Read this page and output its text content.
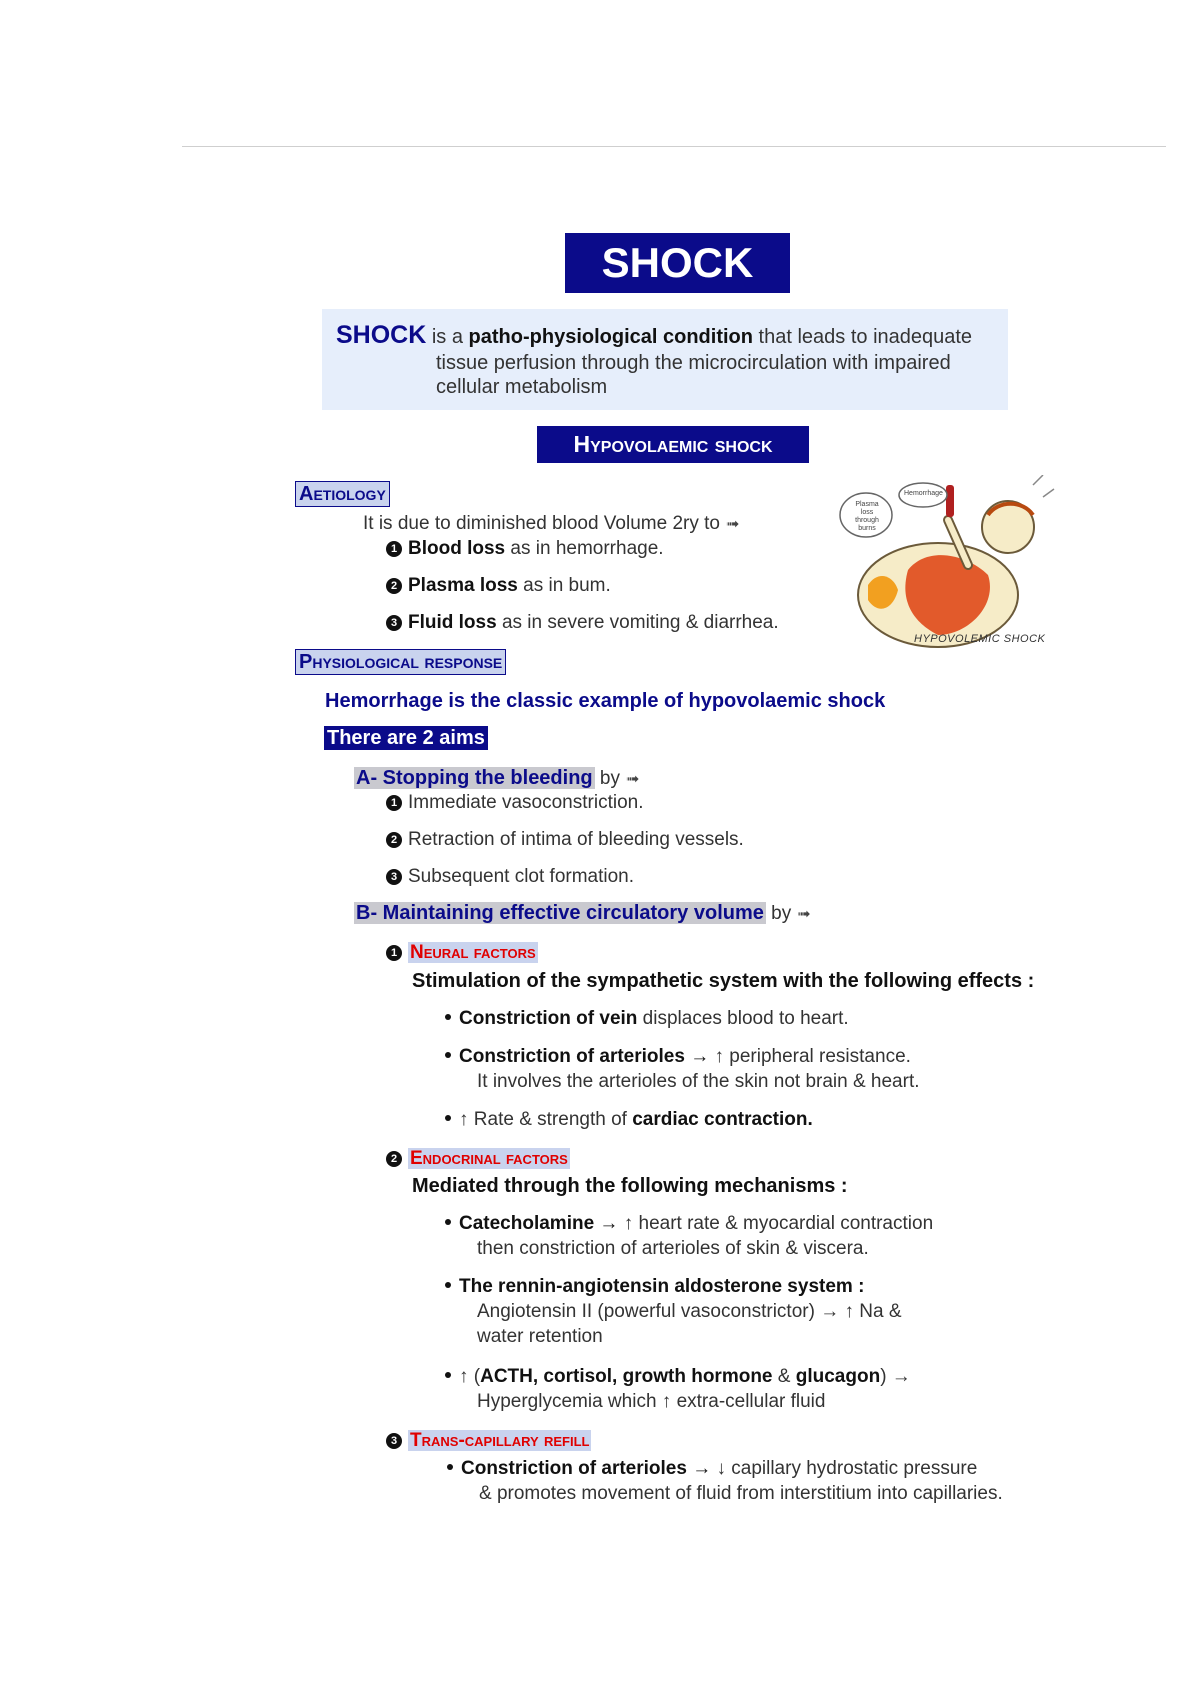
SHOCK
SHOCK is a patho-physiological condition that leads to inadequate
tissue perfusion through the microcirculation with impaired
cellular metabolism
Hypovolaemic shock
Aetiology
It is due to diminished blood Volume 2ry to ➟
1 Blood loss as in hemorrhage.
2 Plasma loss as in bum.
3 Fluid loss as in severe vomiting & diarrhea.
Plasma loss through burns
Hemorrhage
HYPOVOLEMIC SHOCK
Physiological response
Hemorrhage is the classic example of hypovolaemic shock
There are 2 aims
A- Stopping the bleeding by ➟
1 Immediate vasoconstriction.
2 Retraction of intima of bleeding vessels.
3 Subsequent clot formation.
B- Maintaining effective circulatory volume by ➟
1 Neural factors
Stimulation of the sympathetic system with the following effects :
Constriction of vein displaces blood to heart.
Constriction of arterioles → ↑ peripheral resistance.
It involves the arterioles of the skin not brain & heart.
↑ Rate & strength of cardiac contraction.
2 Endocrinal factors
Mediated through the following mechanisms :
Catecholamine → ↑ heart rate & myocardial contraction
then constriction of arterioles of skin & viscera.
The rennin-angiotensin aldosterone system :
Angiotensin II (powerful vasoconstrictor) → ↑ Na &
water retention
↑ (ACTH, cortisol, growth hormone & glucagon) →
Hyperglycemia which ↑ extra-cellular fluid
3 Trans-capillary refill
Constriction of arterioles → ↓ capillary hydrostatic pressure
& promotes movement of fluid from interstitium into capillaries.
